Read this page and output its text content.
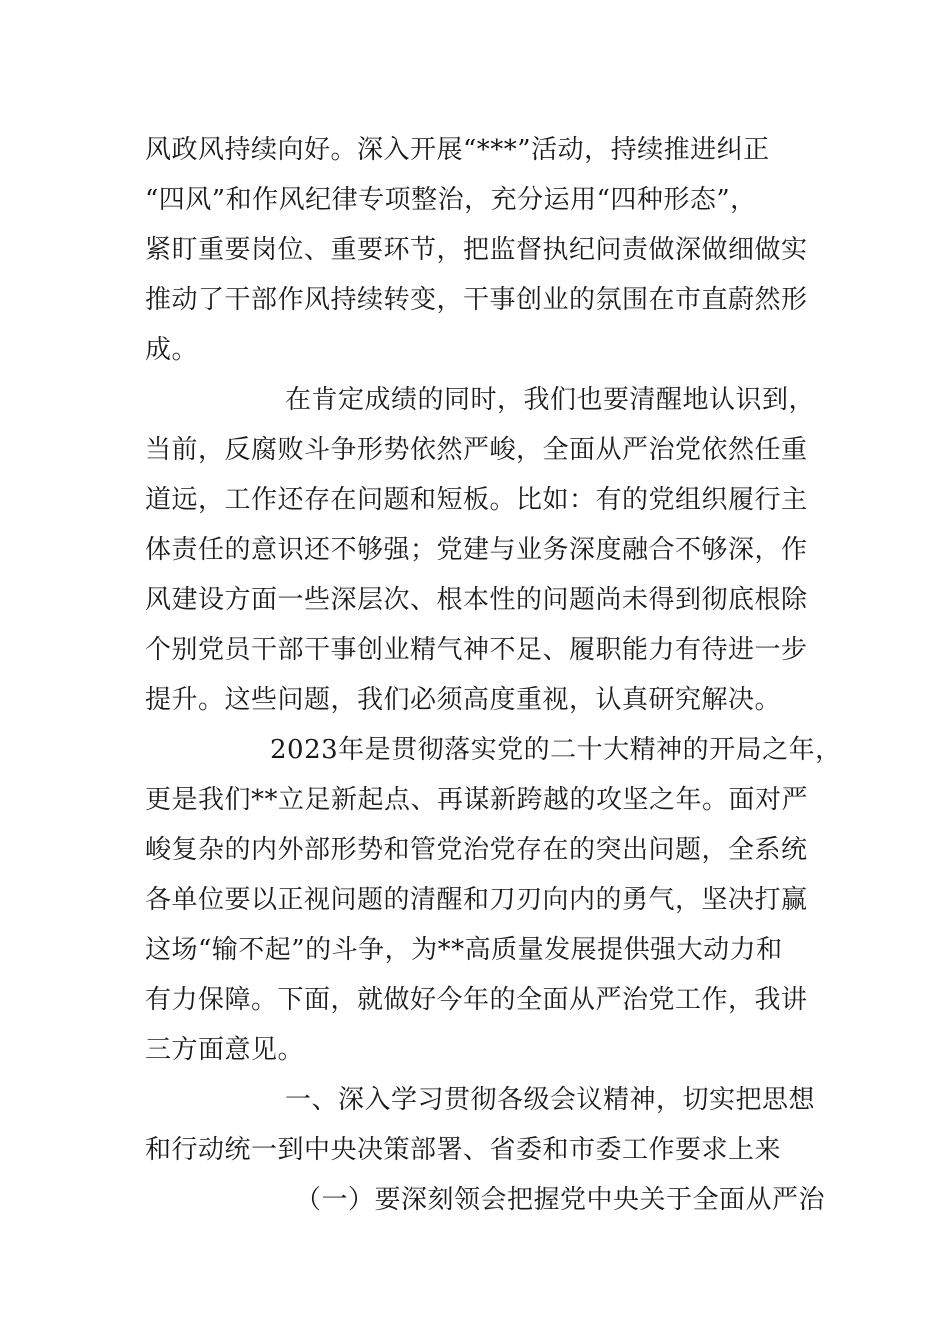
风政风持续向好。深入开展“***”活动，持续推进纠正
“四风”和作风纪律专项整治，充分运用“四种形态”，
紧盯重要岗位、重要环节，把监督执纪问责做深做细做实
推动了干部作风持续转变，干事创业的氛围在市直蔚然形
成。
在肯定成绩的同时，我们也要清醒地认识到，
当前，反腐败斗争形势依然严峻，全面从严治党依然任重
道远，工作还存在问题和短板。比如：有的党组织履行主
体责任的意识还不够强；党建与业务深度融合不够深，作
风建设方面一些深层次、根本性的问题尚未得到彻底根除
个别党员干部干事创业精气神不足、履职能力有待进一步
提升。这些问题，我们必须高度重视，认真研究解决。
2023年是贯彻落实党的二十大精神的开局之年，
更是我们**立足新起点、再谋新跨越的攻坚之年。面对严
峻复杂的内外部形势和管党治党存在的突出问题，全系统
各单位要以正视问题的清醒和刀刃向内的勇气，坚决打赢
这场“输不起”的斗争，为**高质量发展提供强大动力和
有力保障。下面，就做好今年的全面从严治党工作，我讲
三方面意见。
一、深入学习贯彻各级会议精神，切实把思想
和行动统一到中央决策部署、省委和市委工作要求上来
（一）要深刻领会把握党中央关于全面从严治
